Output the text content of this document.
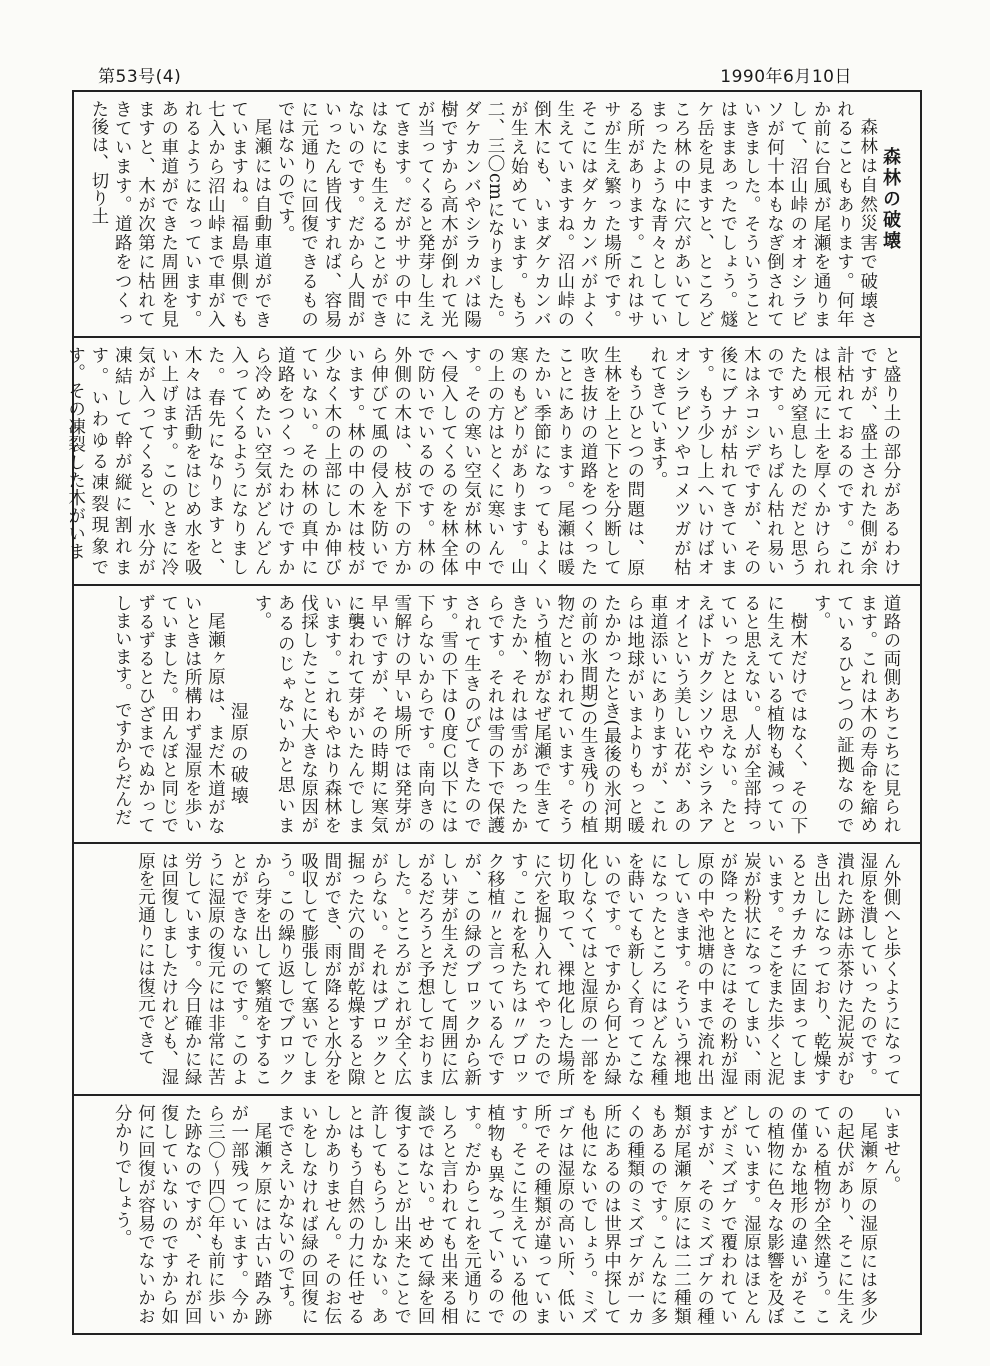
第53号(4)	1990年6月10日

森林の破壊

森林は自然災害で破壊されることもあります。何年か前に台風が尾瀬を通りまして、沼山峠のオオシラビソが何十本もなぎ倒されていきました。そういうことはままあったでしょう。燧ケ岳を見ますと、ところどころ林の中に穴があいてしまったような青々としている所があります。これはササが生え繁った場所です。そこにはダケカンバがよく生えていますね。沼山峠の倒木にも、いまダケカンバが生え始めています。もう二、三〇cmになりました。ダケカンバやシラカバは陽樹ですから高木が倒れて光が当ってくると発芽し生えてきます。だがササの中にはなにも生えることができないのです。だから人間がいったん皆伐すれば、容易に元通りに回復できるものではないのです。

尾瀬には自動車道ができていますね。福島県側でも七入から沼山峠まで車が入れるようになっています。あの車道ができた周囲を見ますと、木が次第に枯れてきています。道路をつくった後は、切り土

と盛り土の部分があるわけですが、盛土された側が余計枯れておるのです。これは根元に土を厚くかけられたため窒息したのだと思うのです。いちばん枯れ易い木はネコシデですが、その後にブナが枯れてきています。もう少し上へいけばオオシラビソやコメツガが枯れてきています。

もうひとつの問題は、原生林を上と下とを分断して吹き抜けの道路をつくったことにあります。尾瀬は暖たかい季節になってもよく寒のもどりがあります。山の上の方はとくに寒いんです。その寒い空気が林の中へ侵入してくるのを林全体で防いでいるのです。林の外側の木は、枝が下の方から伸びて風の侵入を防いでいます。林の中の木は枝が少なく木の上部にしか伸びていない。その林の真中に道路をつくったわけですから冷めたい空気がどんどん入ってくるようになりました。春先になりますと、木々は活動をはじめ水を吸い上げます。このときに冷気が入ってくると、水分が凍結して幹が縦に割れます。いわゆる凍裂現象です。その凍裂した木がいま

道路の両側あちこちに見られます。これは木の寿命を縮めているひとつの証拠なのです。

樹木だけではなく、その下に生えている植物も減っていると思えない。人が全部持っていったとは思えない。たとえばトガクシソウやシラネアオイという美しい花が、あの車道添いにありますが、これらは地球がいまよりもっと暖たかかったとき(最後の氷河期の前の氷間期)の生き残りの植物だといわれています。そういう植物がなぜ尾瀬で生きてきたか、それは雪があったからです。それは雪の下で保護されて生きのびてきたのです。雪の下は０度Ｃ以下には下らないからです。南向きの雪解けの早い場所では発芽が早いですが、その時期に寒気に襲われて芽がいたんでしまいます。これもやはり森林を伐採したことに大きな原因があるのじゃないかと思います。

湿原の破壊

尾瀬ヶ原は、まだ木道がないときは所構わず湿原を歩いていました。田んぼと同じでずるずるとひざまでぬかってしまいます。ですからだんだ

ん外側へと歩くようになって湿原を潰していったのです。潰れた跡は赤茶けた泥炭がむき出しになっており、乾燥するとカチカチに固まってしまいます。そこをまた歩くと泥炭が粉状になってしまい、雨が降ったときにはその粉が湿原の中や池塘の中まで流れ出していきます。そういう裸地になったところにはどんな種を蒔いても新しく育ってこないのです。ですから何とか緑化しなくてはと湿原の一部を切り取って、裸地化した場所に穴を掘り入れてやったのです。これを私たちは〃ブロック移植〃と言っているんですが、この緑のブロックから新しい芽が生えだして周囲に広がるだろうと予想しておりました。ところがこれが全く広がらない。それはブロックと掘った穴の間が乾燥すると隙間ができ、雨が降ると水分を吸収して膨張して塞いでしまう。この繰り返しでブロックから芽を出して繁殖をすることができないのです。このように湿原の復元には非常に苦労しています。今日確かに緑は回復しましたけれども、湿原を元通りには復元できて

いません。

尾瀬ヶ原の湿原には多少の起伏があり、そこに生えている植物が全然違う。この僅かな地形の違いがそこの植物に色々な影響を及ぼしています。湿原はほとんどがミズゴケで覆われていますが、そのミズゴケの種類が尾瀬ヶ原には二二種類もあるのです。こんなに多くの種類のミズゴケが一カ所にあるのは世界中探しても他にないでしょう。ミズゴケは湿原の高い所、低い所でその種類が違っています。そこに生えている他の植物も異なっているのです。だからこれを元通りにしろと言われても出来る相談ではない。せめて緑を回復することが出来たことで許してもらうしかない。あとはもう自然の力に任せるしかありません。そのお伝いをしなければ緑の回復にまでさえいかないのです。

尾瀬ヶ原には古い踏み跡が一部残っています。今から三〇〜四〇年も前に歩いた跡なのですが、それが回復していないのですから如何に回復が容易でないかお分かりでしょう。
